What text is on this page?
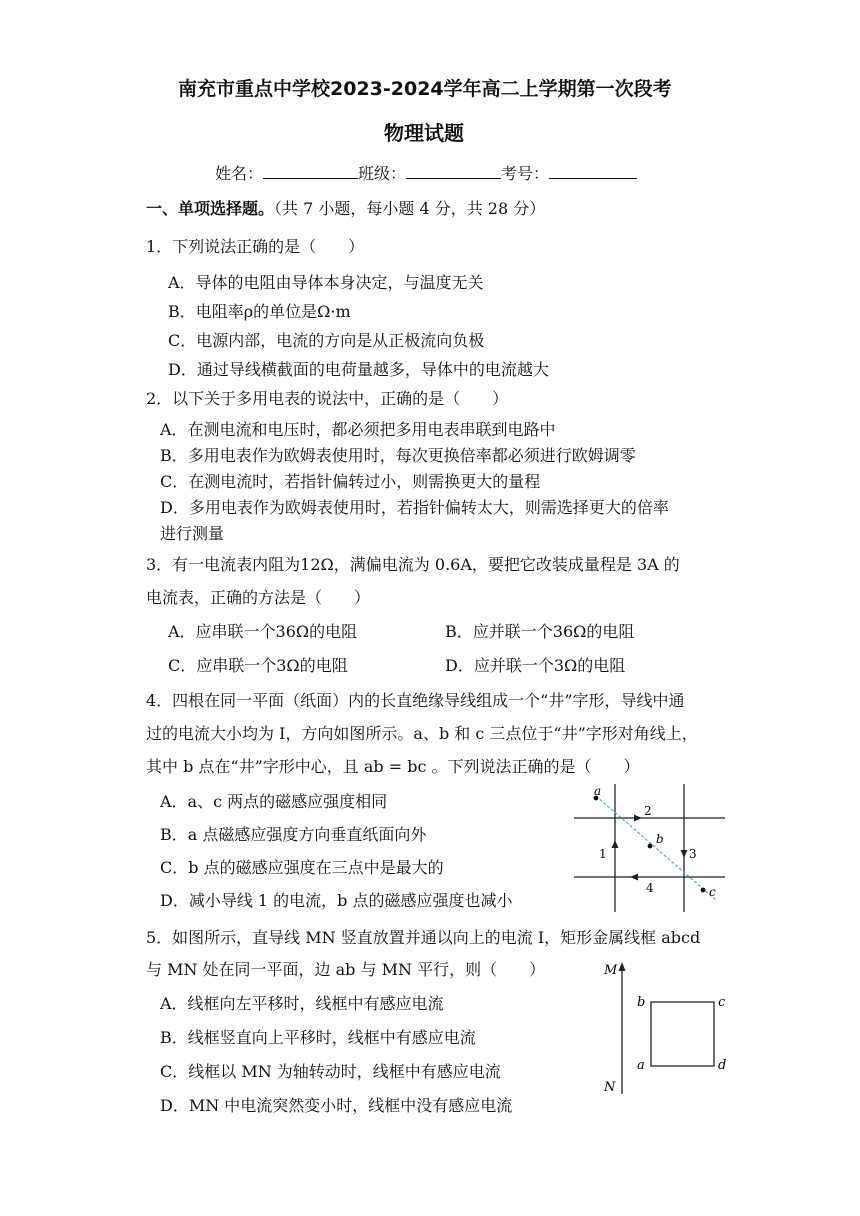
南充市重点中学校2023-2024学年高二上学期第一次段考
物理试题
姓名：	班级：	考号：
一、单项选择题。（共 7 小题，每小题 4 分，共 28 分）
1．下列说法正确的是（　　）
A．导体的电阻由导体本身决定，与温度无关
B．电阻率ρ的单位是Ω·m
C．电源内部，电流的方向是从正极流向负极
D．通过导线横截面的电荷量越多，导体中的电流越大
2．以下关于多用电表的说法中，正确的是（　　）
A．在测电流和电压时，都必须把多用电表串联到电路中
B．多用电表作为欧姆表使用时，每次更换倍率都必须进行欧姆调零
C．在测电流时，若指针偏转过小，则需换更大的量程
D．多用电表作为欧姆表使用时，若指针偏转太大，则需选择更大的倍率
进行测量
3．有一电流表内阻为12Ω，满偏电流为 0.6A，要把它改装成量程是 3A 的
电流表，正确的方法是（　　）
A．应串联一个36Ω的电阻	B．应并联一个36Ω的电阻
C．应串联一个3Ω的电阻	D．应并联一个3Ω的电阻
4．四根在同一平面（纸面）内的长直绝缘导线组成一个“井”字形，导线中通
过的电流大小均为 I，方向如图所示。a、b 和 c 三点位于“井”字形对角线上，
其中 b 点在“井”字形中心，且 ab = bc 。下列说法正确的是（　　）
A．a、c 两点的磁感应强度相同
B．a 点磁感应强度方向垂直纸面向外
C．b 点的磁感应强度在三点中是最大的
D．减小导线 1 的电流，b 点的磁感应强度也减小
a
b
c
1
2
3
4
5．如图所示，直导线 MN 竖直放置并通以向上的电流 I，矩形金属线框 abcd
与 MN 处在同一平面，边 ab 与 MN 平行，则（　　）
A．线框向左平移时，线框中有感应电流
B．线框竖直向上平移时，线框中有感应电流
C．线框以 MN 为轴转动时，线框中有感应电流
D．MN 中电流突然变小时，线框中没有感应电流
M
N
a
b	c
d
